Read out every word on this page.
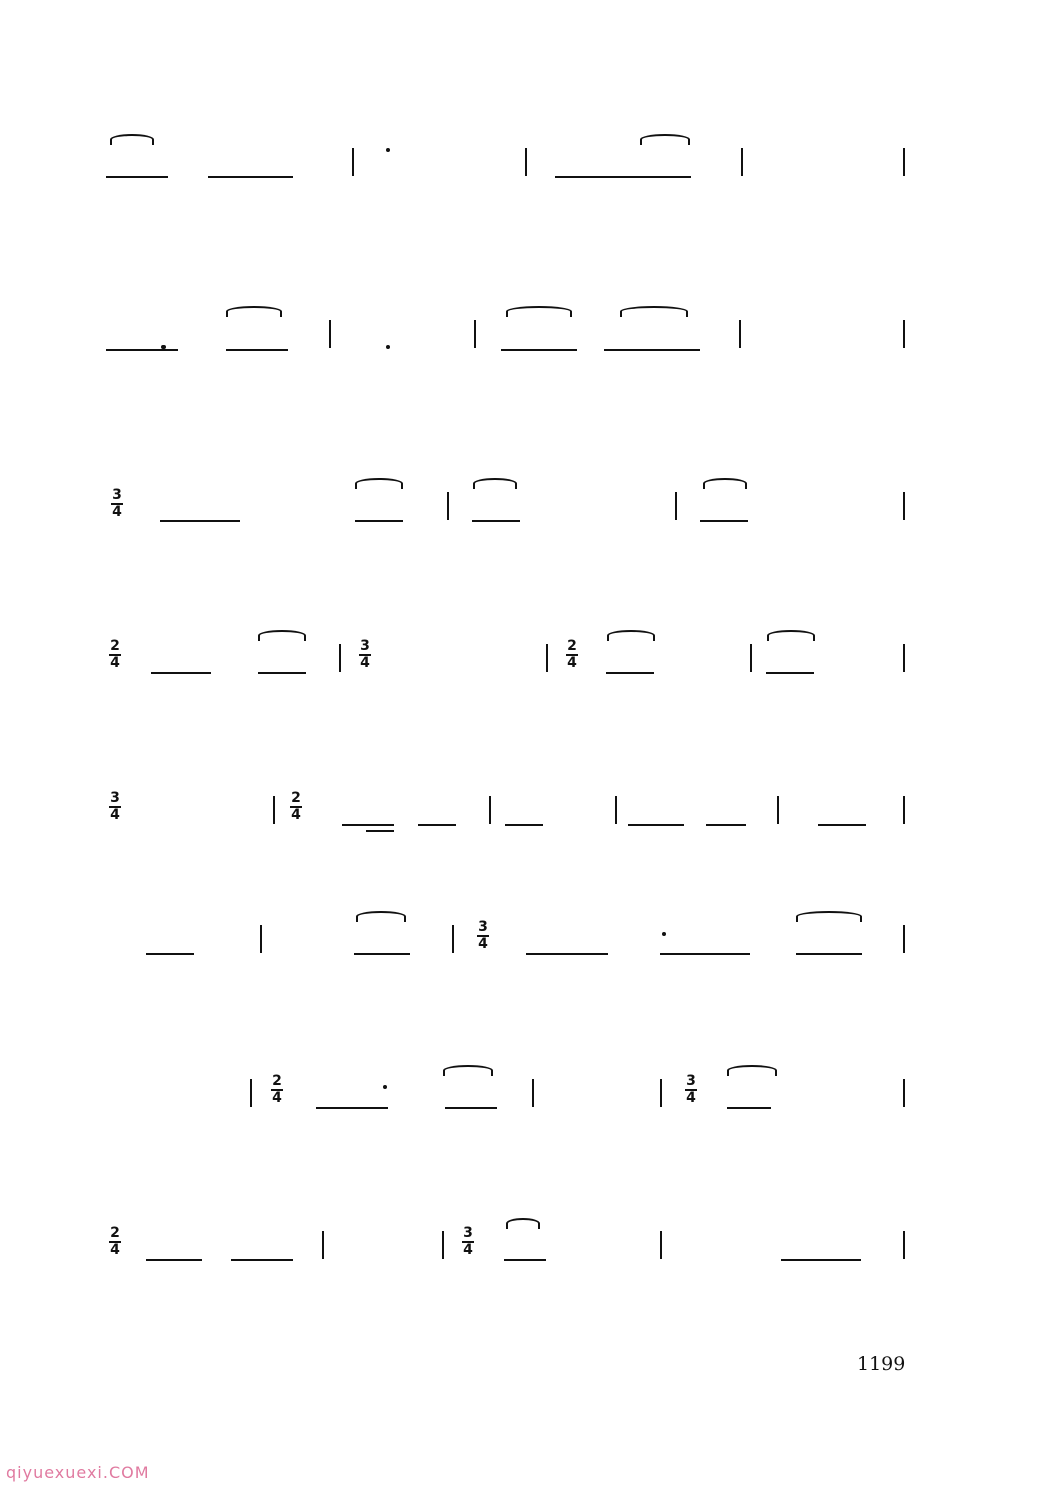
3
4
2
4
3
4
2
4
3
4
2
4
3
4
2
4
3
4
2
4
3
4
1199
qiyuexuexi.COM
